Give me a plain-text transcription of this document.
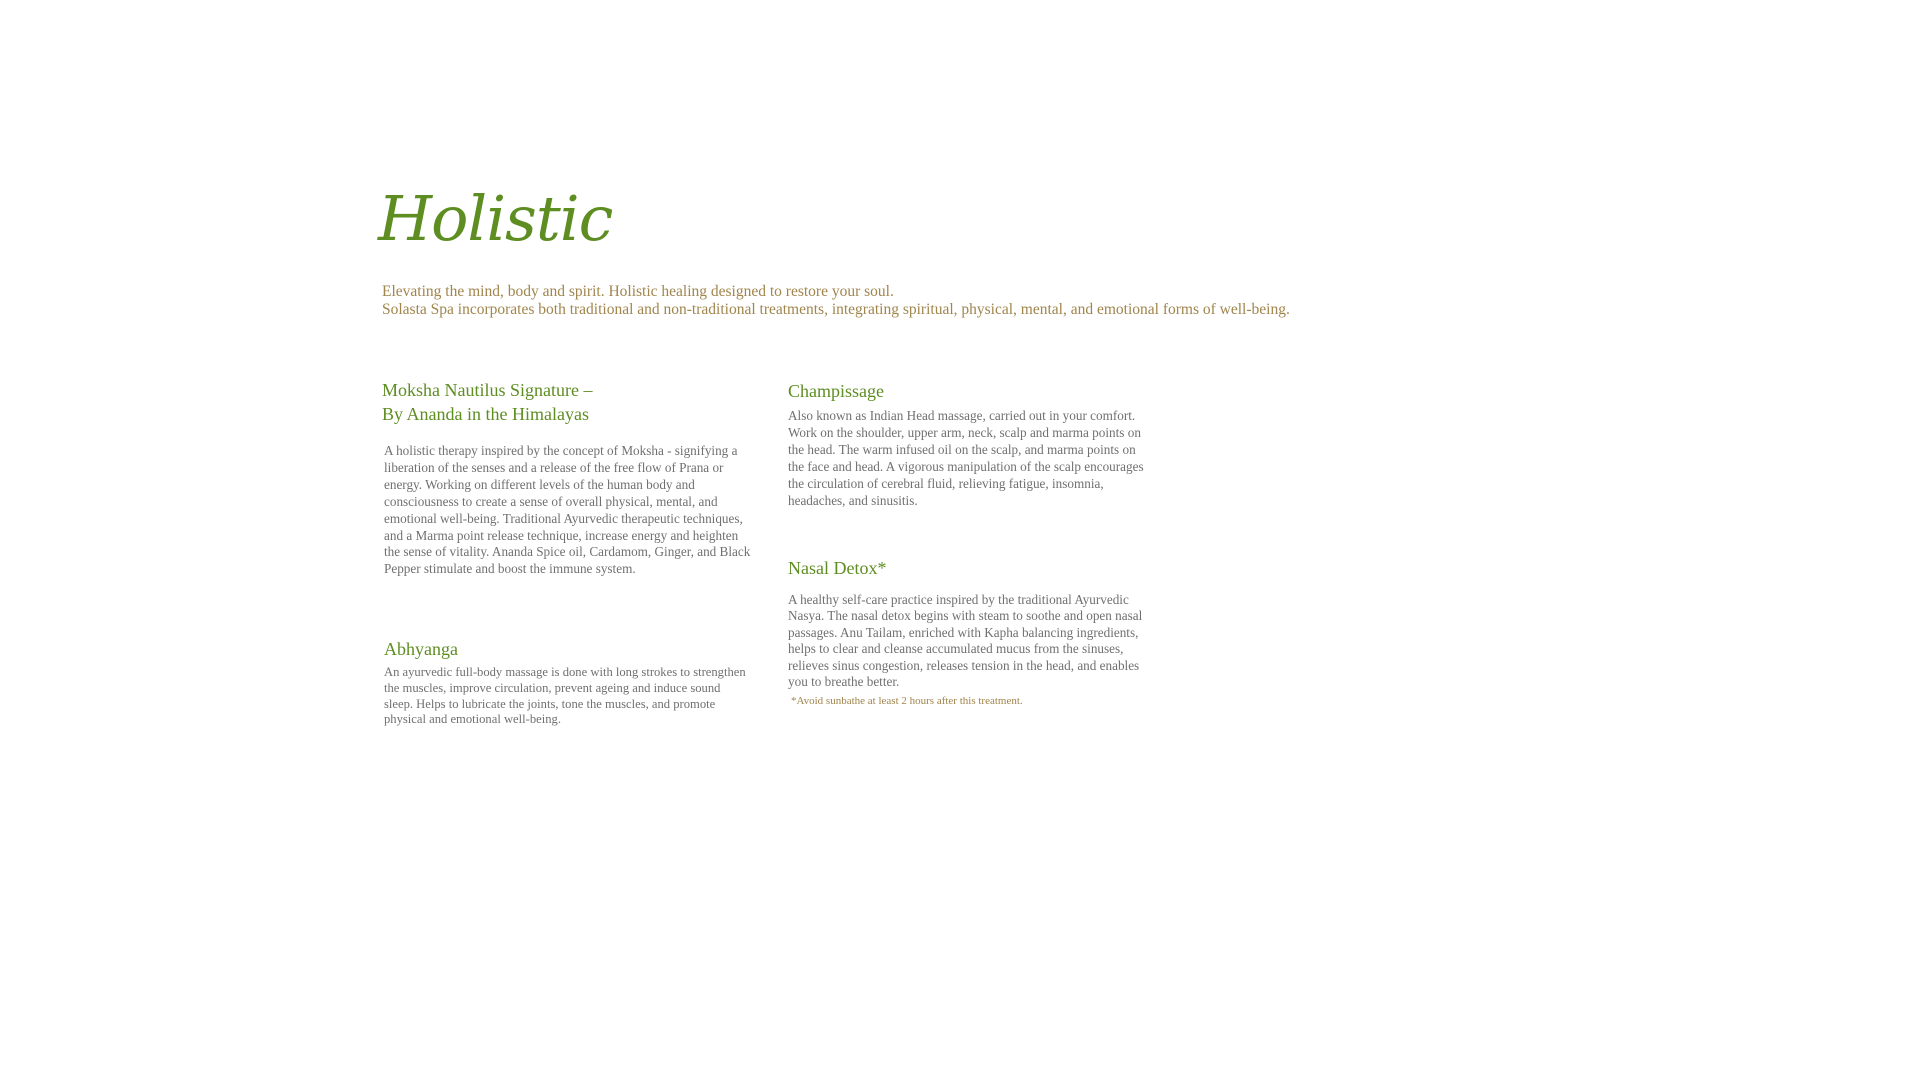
Holistic

Elevating the mind, body and spirit. Holistic healing designed to restore your soul.

Solasta Spa incorporates both traditional and non-traditional treatments, integrating spiritual, physical, mental, and emotional forms of well-being.

Moksha Nautilus Signature –
By Ananda in the Himalayas

A holistic therapy inspired by the concept of Moksha - signifying a liberation of the senses and a release of the free flow of Prana or energy. Working on different levels of the human body and consciousness to create a sense of overall physical, mental, and emotional well-being. Traditional Ayurvedic therapeutic techniques, and a Marma point release technique, increase energy and heighten the sense of vitality. Ananda Spice oil, Cardamom, Ginger, and Black Pepper stimulate and boost the immune system.

Abhyanga

An ayurvedic full-body massage is done with long strokes to strengthen the muscles, improve circulation, prevent ageing and induce sound sleep. Helps to lubricate the joints, tone the muscles, and promote physical and emotional well-being.

Champissage

Also known as Indian Head massage, carried out in your comfort. Work on the shoulder, upper arm, neck, scalp and marma points on the head. The warm infused oil on the scalp, and marma points on the face and head. A vigorous manipulation of the scalp encourages the circulation of cerebral fluid, relieving fatigue, insomnia, headaches, and sinusitis.

Nasal Detox*

A healthy self-care practice inspired by the traditional Ayurvedic Nasya. The nasal detox begins with steam to soothe and open nasal passages. Anu Tailam, enriched with Kapha balancing ingredients, helps to clear and cleanse accumulated mucus from the sinuses, relieves sinus congestion, releases tension in the head, and enables you to breathe better.

*Avoid sunbathe at least 2 hours after this treatment.
